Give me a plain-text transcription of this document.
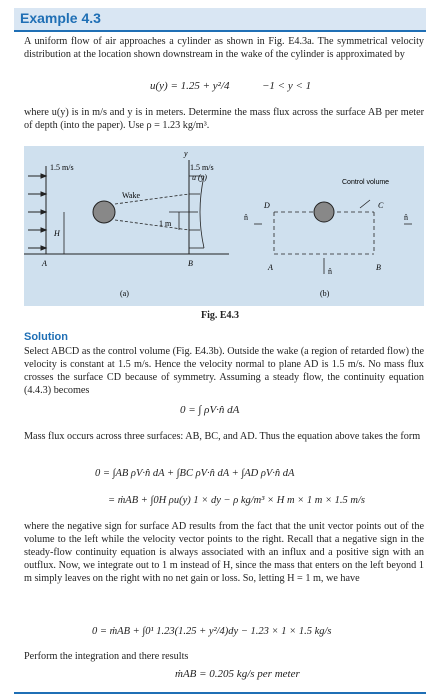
Example 4.3
A uniform flow of air approaches a cylinder as shown in Fig. E4.3a. The symmetrical velocity distribution at the location shown downstream in the wake of the cylinder is approximated by
u(y) = 1.25 + y²/4	−1 < y < 1
where u(y) is in m/s and y is in meters. Determine the mass flux across the surface AB per meter of depth (into the paper). Use ρ = 1.23 kg/m³.
1.5 m/s	1.5 m/s
u (y)
y
Wake
1 m
H
A	B
D	C
A	B
Control volume
n̂	n̂
n̂
(a)	(b)
Fig. E4.3
Solution
Select ABCD as the control volume (Fig. E4.3b). Outside the wake (a region of retarded flow) the velocity is constant at 1.5 m/s. Hence the velocity normal to plane AD is 1.5 m/s. No mass flux crosses the surface CD because of symmetry. Assuming a steady flow, the continuity equation (4.4.3) becomes
0 = ∫ ρV·n̂ dA
Mass flux occurs across three surfaces: AB, BC, and AD. Thus the equation above takes the form
0 = ∫AB ρV·n̂ dA + ∫BC ρV·n̂ dA + ∫AD ρV·n̂ dA
= ṁAB + ∫0H ρu(y) 1 × dy − ρ kg/m³ × H m × 1 m × 1.5 m/s
where the negative sign for surface AD results from the fact that the unit vector points out of the volume to the left while the velocity vector points to the right. Recall that a negative sign in the steady-flow continuity equation is always associated with an influx and a positive sign with an outflux. Now, we integrate out to 1 m instead of H, since the mass that enters on the left beyond 1 m simply leaves on the right with no net gain or loss. So, letting H = 1 m, we have
0 = ṁAB + ∫0¹ 1.23(1.25 + y²/4)dy − 1.23 × 1 × 1.5 kg/s
Perform the integration and there results
ṁAB = 0.205 kg/s per meter
